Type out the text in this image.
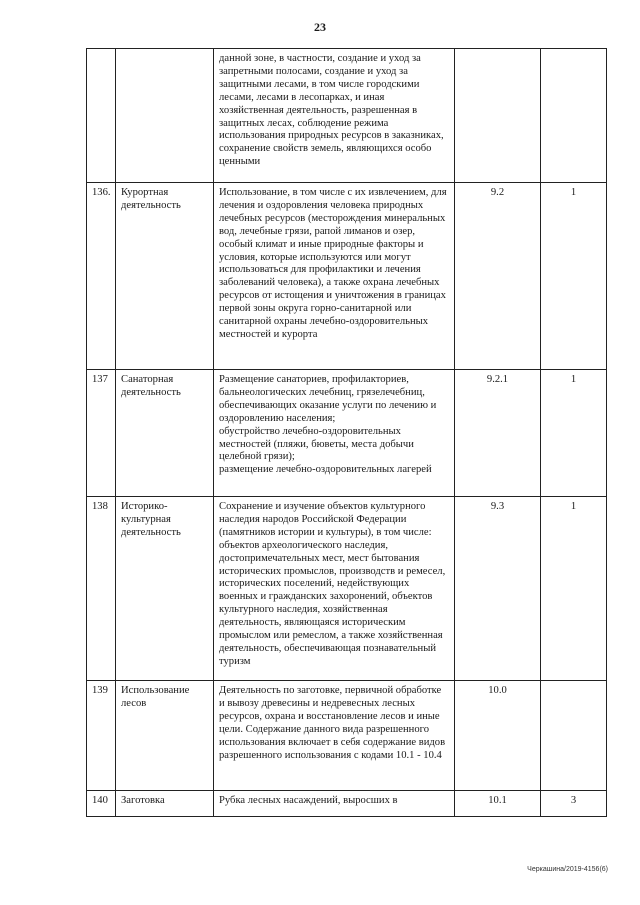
23
		данной зоне, в частности, создание и уход за запретными полосами, создание и уход за защитными лесами, в том числе городскими лесами, лесами в лесопарках, и иная хозяйственная деятельность, разрешенная в защитных лесах, соблюдение режима использования природных ресурсов в заказниках, сохранение свойств земель, являющихся особо ценными		
136.	Курортная деятельность	Использование, в том числе с их извлечением, для лечения и оздоровления человека природных лечебных ресурсов (месторождения минеральных вод, лечебные грязи, рапой лиманов и озер, особый климат и иные природные факторы и условия, которые используются или могут использоваться для профилактики и лечения заболеваний человека), а также охрана лечебных ресурсов от истощения и уничтожения в границах первой зоны округа горно-санитарной или санитарной охраны лечебно-оздоровительных местностей и курорта	9.2	1
137	Санаторная деятельность	Размещение санаториев, профилакториев, бальнеологических лечебниц, грязелечебниц, обеспечивающих оказание услуги по лечению и оздоровлению населения;
обустройство лечебно-оздоровительных местностей (пляжи, бюветы, места добычи целебной грязи);
размещение лечебно-оздоровительных лагерей	9.2.1	1
138	Историко-культурная деятельность	Сохранение и изучение объектов культурного наследия народов Российской Федерации (памятников истории и культуры), в том числе: объектов археологического наследия, достопримечательных мест, мест бытования исторических промыслов, производств и ремесел, исторических поселений, недействующих военных и гражданских захоронений, объектов культурного наследия, хозяйственная деятельность, являющаяся историческим промыслом или ремеслом, а также хозяйственная деятельность, обеспечивающая познавательный туризм	9.3	1
139	Использование лесов	Деятельность по заготовке, первичной обработке и вывозу древесины и недревесных лесных ресурсов, охрана и восстановление лесов и иные цели. Содержание данного вида разрешенного использования включает в себя содержание видов разрешенного использования с кодами 10.1 - 10.4	10.0	
140	Заготовка	Рубка лесных насаждений, выросших в	10.1	3
Черкашина/2019-4156(6)
